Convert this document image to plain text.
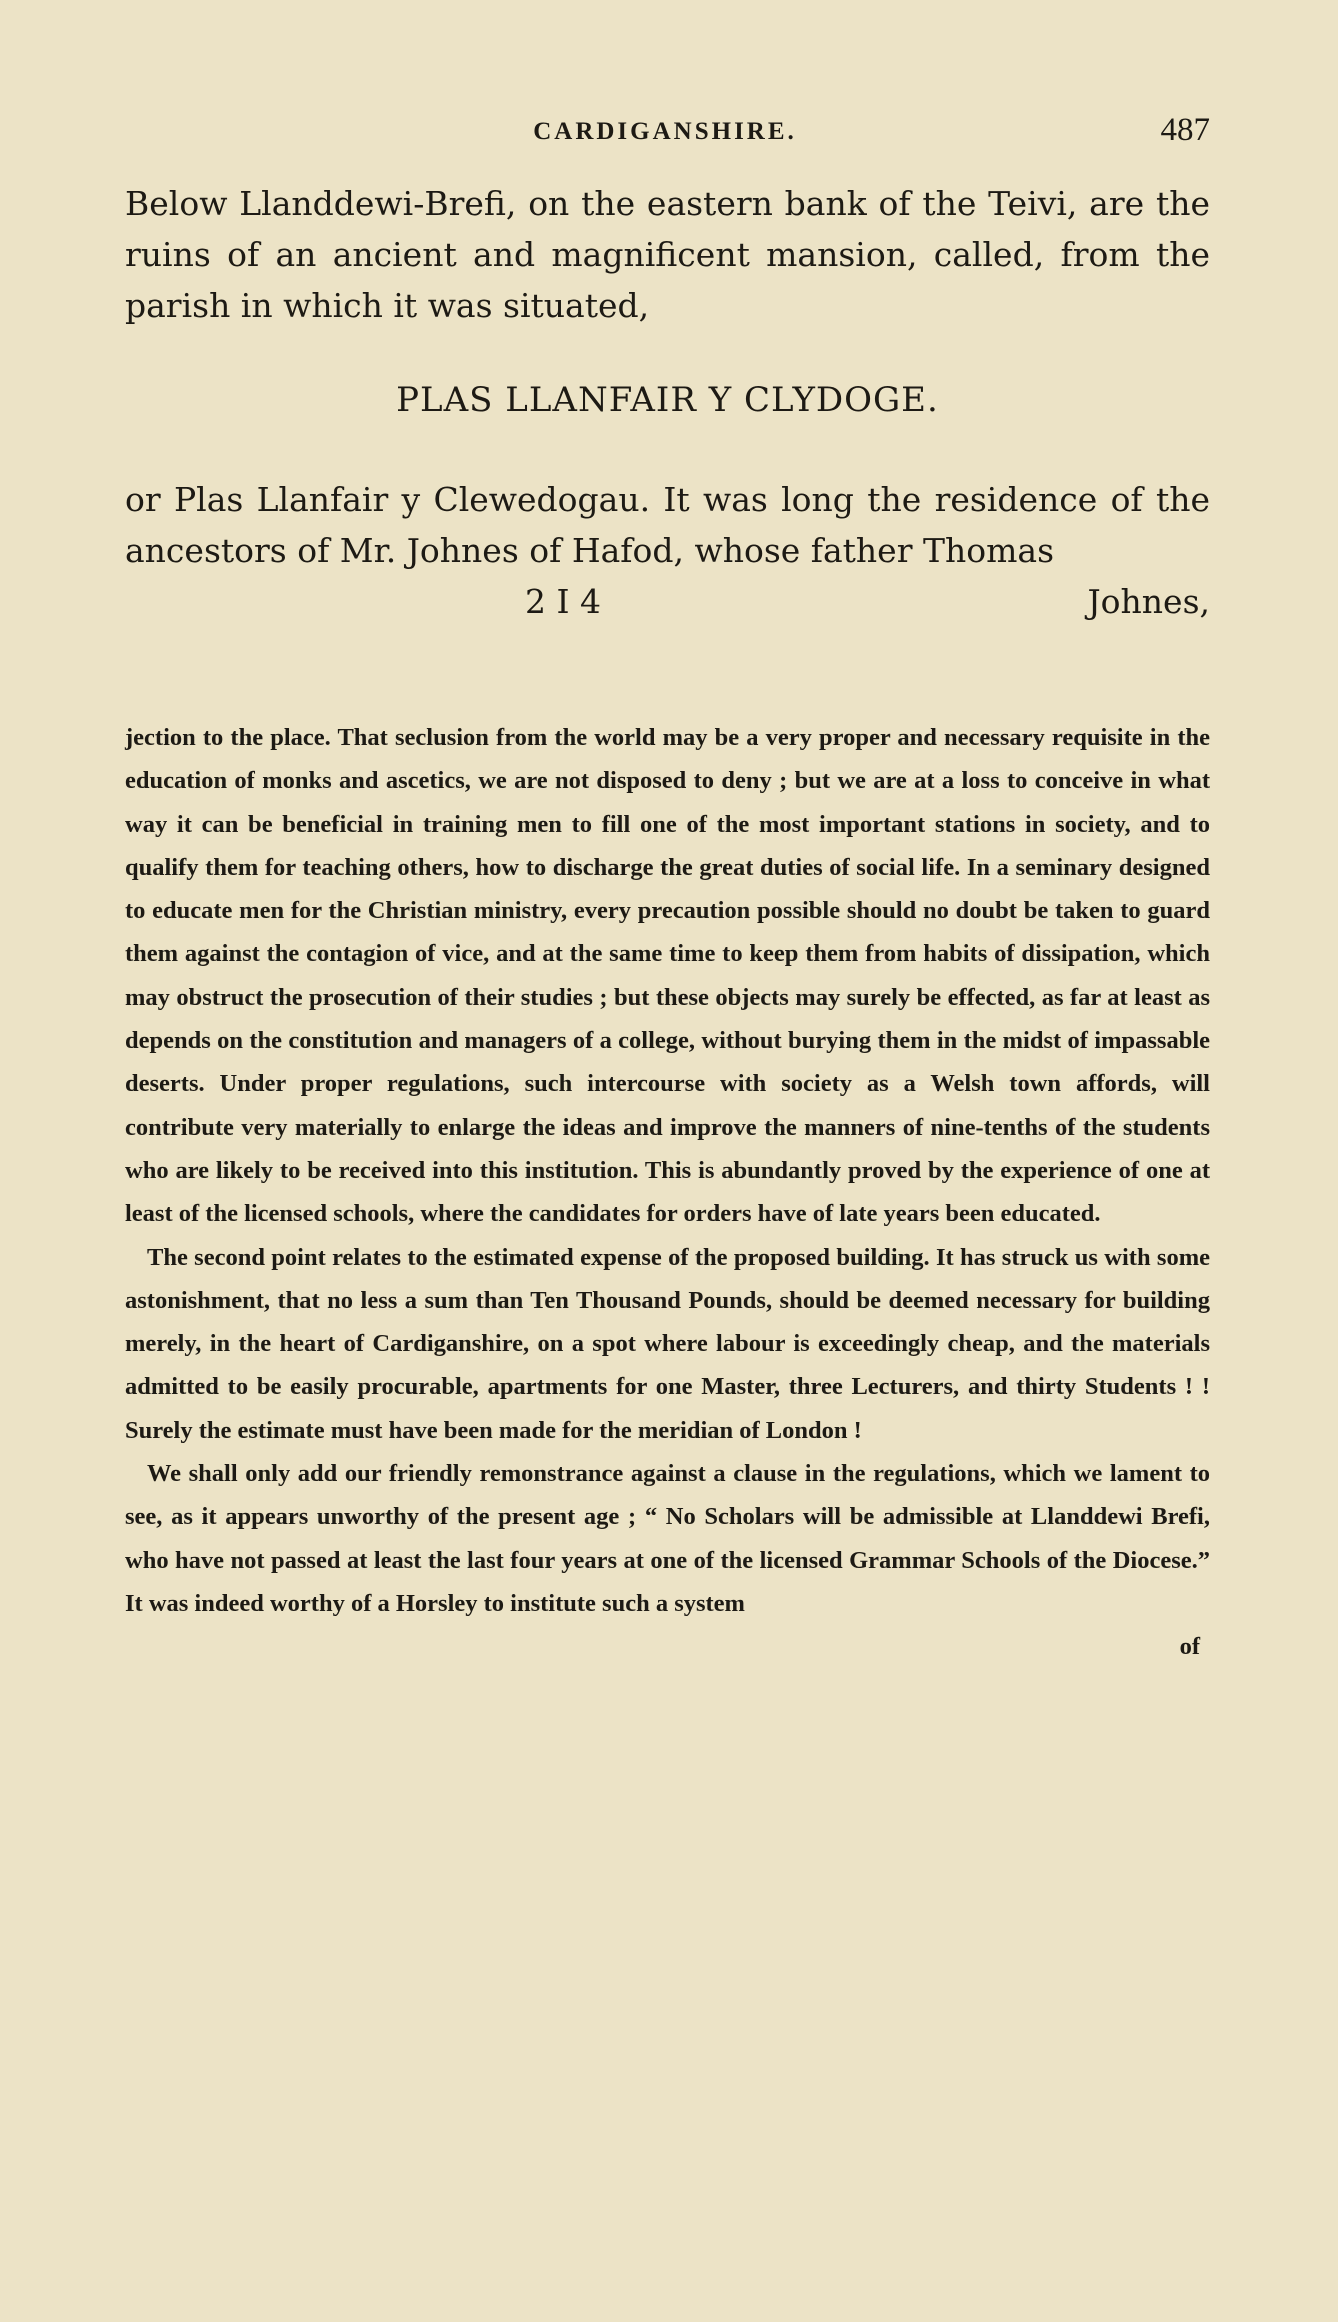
CARDIGANSHIRE.	487

Below Llanddewi-Brefi, on the eastern bank of the Teivi, are the ruins of an ancient and magnificent mansion, called, from the parish in which it was situated,

PLAS LLANFAIR Y CLYDOGE.

or Plas Llanfair y Clewedogau. It was long the residence of the ancestors of Mr. Johnes of Hafod, whose father Thomas

2 I 4	Johnes,

jection to the place. That seclusion from the world may be a very proper and necessary requisite in the education of monks and ascetics, we are not disposed to deny ; but we are at a loss to conceive in what way it can be beneficial in training men to fill one of the most important stations in society, and to qualify them for teaching others, how to discharge the great duties of social life. In a seminary designed to educate men for the Christian ministry, every precaution possible should no doubt be taken to guard them against the contagion of vice, and at the same time to keep them from habits of dissipation, which may obstruct the prosecution of their studies ; but these objects may surely be effected, as far at least as depends on the constitution and managers of a college, without burying them in the midst of impassable deserts. Under proper regulations, such intercourse with society as a Welsh town affords, will contribute very materially to enlarge the ideas and improve the manners of nine-tenths of the students who are likely to be received into this institution. This is abundantly proved by the experience of one at least of the licensed schools, where the candidates for orders have of late years been educated.

The second point relates to the estimated expense of the proposed building. It has struck us with some astonishment, that no less a sum than Ten Thousand Pounds, should be deemed necessary for building merely, in the heart of Cardiganshire, on a spot where labour is exceedingly cheap, and the materials admitted to be easily procurable, apartments for one Master, three Lecturers, and thirty Students ! ! Surely the estimate must have been made for the meridian of London !

We shall only add our friendly remonstrance against a clause in the regulations, which we lament to see, as it appears unworthy of the present age ; “ No Scholars will be admissible at Llanddewi Brefi, who have not passed at least the last four years at one of the licensed Grammar Schools of the Diocese.” It was indeed worthy of a Horsley to institute such a system

of
